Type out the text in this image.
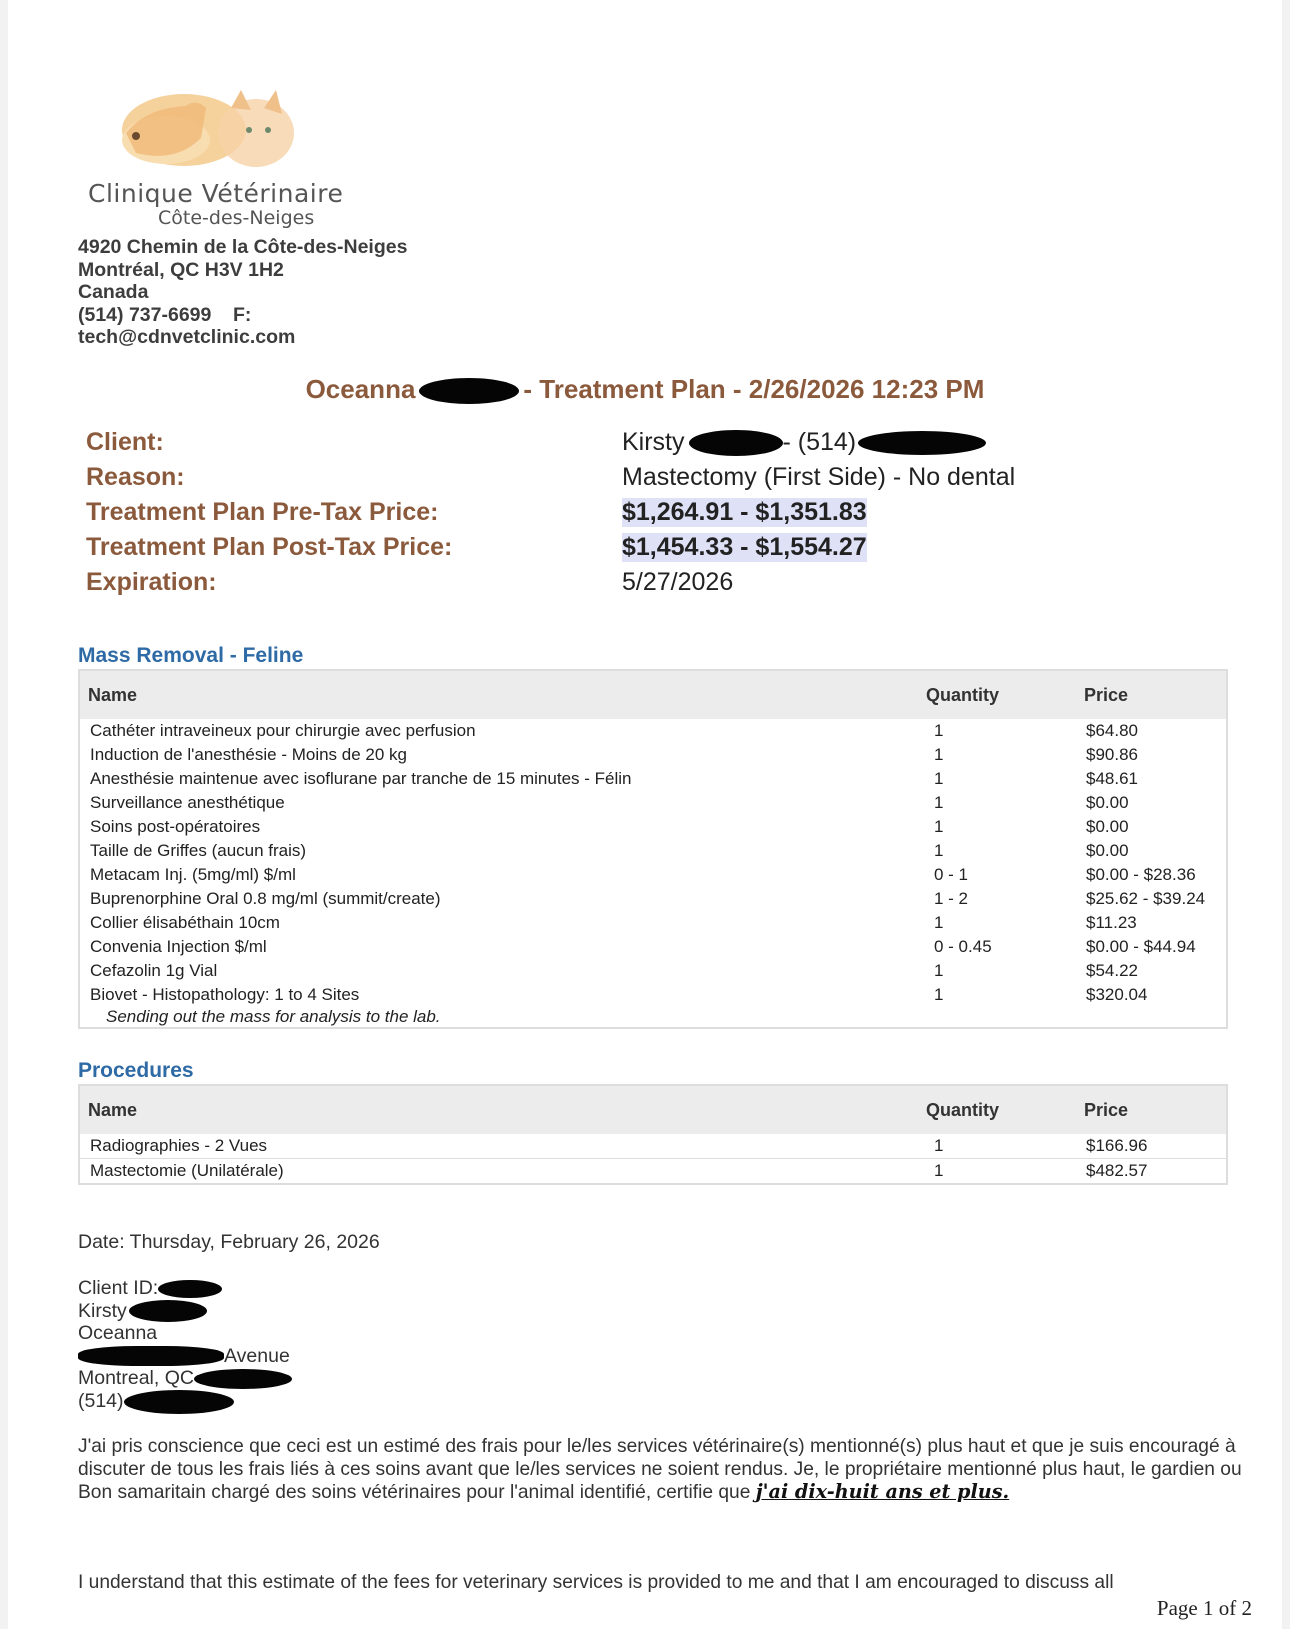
Clinique Vétérinaire
Côte-des-Neiges
4920 Chemin de la Côte-des-Neiges
Montréal, QC H3V 1H2
Canada
(514) 737-6699    F:
tech@cdnvetclinic.com
Oceanna	- Treatment Plan - 2/26/2026 12:23 PM
Client:	Kirsty	- (514)
Reason:	Mastectomy (First Side) - No dental
Treatment Plan Pre-Tax Price:	$1,264.91 - $1,351.83
Treatment Plan Post-Tax Price:	$1,454.33 - $1,554.27
Expiration:	5/27/2026
Mass Removal - Feline
Name	Quantity	Price
Cathéter intraveineux pour chirurgie avec perfusion	1	$64.80
Induction de l'anesthésie - Moins de 20 kg	1	$90.86
Anesthésie maintenue avec isoflurane par tranche de 15 minutes - Félin	1	$48.61
Surveillance anesthétique	1	$0.00
Soins post-opératoires	1	$0.00
Taille de Griffes (aucun frais)	1	$0.00
Metacam Inj. (5mg/ml) $/ml	0 - 1	$0.00 - $28.36
Buprenorphine Oral 0.8 mg/ml (summit/create)	1 - 2	$25.62 - $39.24
Collier élisabéthain 10cm	1	$11.23
Convenia Injection $/ml	0 - 0.45	$0.00 - $44.94
Cefazolin 1g Vial	1	$54.22
Biovet - Histopathology: 1 to 4 Sites	1	$320.04
Sending out the mass for analysis to the lab.		
Procedures
Name	Quantity	Price
Radiographies - 2 Vues	1	$166.96
Mastectomie (Unilatérale)	1	$482.57
Date: Thursday, February 26, 2026
Client ID:
Kirsty
Oceanna
Avenue
Montreal, QC
(514)
J'ai pris conscience que ceci est un estimé des frais pour le/les services vétérinaire(s) mentionné(s) plus haut et que je suis encouragé à discuter de tous les frais liés à ces soins avant que le/les services ne soient rendus. Je, le propriétaire mentionné plus haut, le gardien ou Bon samaritain chargé des soins vétérinaires pour l'animal identifié, certifie que j'ai dix-huit ans et plus.
I understand that this estimate of the fees for veterinary services is provided to me and that I am encouraged to discuss all
Page 1 of 2
